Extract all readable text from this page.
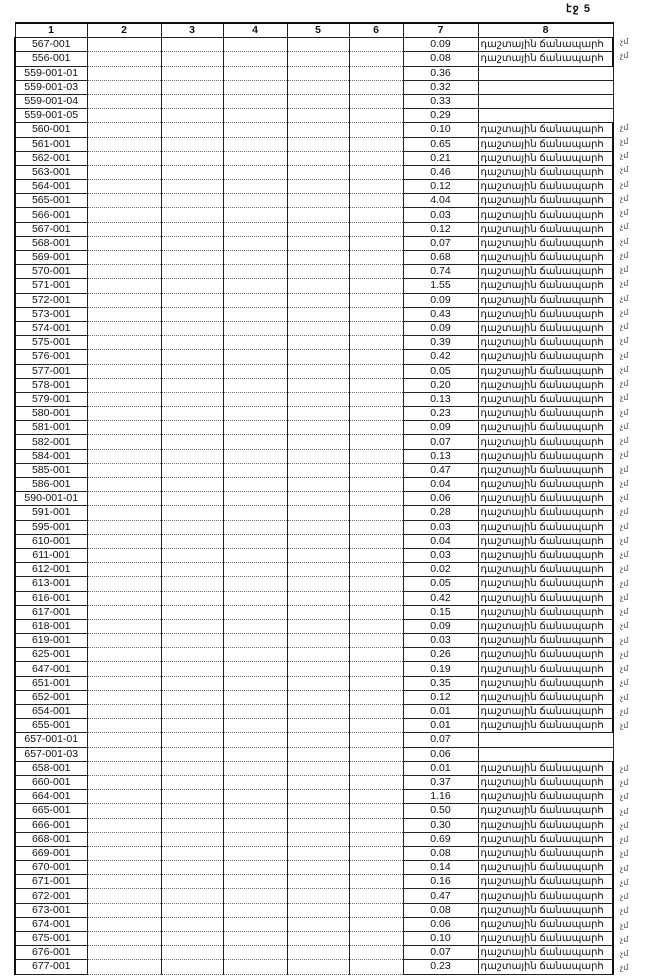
էջ 5
1	2	3	4	5	6	7	8
567-001						0.09	դաշտային ճանապարհ
556-001						0.08	դաշտային ճանապարհ
559-001-01						0.36	
559-001-03						0.32	
559-001-04						0.33	
559-001-05						0.29	
560-001						0.10	դաշտային ճանապարհ
561-001						0.65	դաշտային ճանապարհ
562-001						0.21	դաշտային ճանապարհ
563-001						0.46	դաշտային ճանապարհ
564-001						0.12	դաշտային ճանապարհ
565-001						4.04	դաշտային ճանապարհ
566-001						0.03	դաշտային ճանապարհ
567-001						0.12	դաշտային ճանապարհ
568-001						0.07	դաշտային ճանապարհ
569-001						0.68	դաշտային ճանապարհ
570-001						0.74	դաշտային ճանապարհ
571-001						1.55	դաշտային ճանապարհ
572-001						0.09	դաշտային ճանապարհ
573-001						0.43	դաշտային ճանապարհ
574-001						0.09	դաշտային ճանապարհ
575-001						0.39	դաշտային ճանապարհ
576-001						0.42	դաշտային ճանապարհ
577-001						0.05	դաշտային ճանապարհ
578-001						0.20	դաշտային ճանապարհ
579-001						0.13	դաշտային ճանապարհ
580-001						0.23	դաշտային ճանապարհ
581-001						0.09	դաշտային ճանապարհ
582-001						0.07	դաշտային ճանապարհ
584-001						0.13	դաշտային ճանապարհ
585-001						0.47	դաշտային ճանապարհ
586-001						0.04	դաշտային ճանապարհ
590-001-01						0.06	դաշտային ճանապարհ
591-001						0.28	դաշտային ճանապարհ
595-001						0.03	դաշտային ճանապարհ
610-001						0.04	դաշտային ճանապարհ
611-001						0.03	դաշտային ճանապարհ
612-001						0.02	դաշտային ճանապարհ
613-001						0.05	դաշտային ճանապարհ
616-001						0.42	դաշտային ճանապարհ
617-001						0.15	դաշտային ճանապարհ
618-001						0.09	դաշտային ճանապարհ
619-001						0.03	դաշտային ճանապարհ
625-001						0.26	դաշտային ճանապարհ
647-001						0.19	դաշտային ճանապարհ
651-001						0.35	դաշտային ճանապարհ
652-001						0.12	դաշտային ճանապարհ
654-001						0.01	դաշտային ճանապարհ
655-001						0.01	դաշտային ճանապարհ
657-001-01						0.07	
657-001-03						0.06	
658-001						0.01	դաշտային ճանապարհ
660-001						0.37	դաշտային ճանապարհ
664-001						1.16	դաշտային ճանապարհ
665-001						0.50	դաշտային ճանապարհ
666-001						0.30	դաշտային ճանապարհ
668-001						0.69	դաշտային ճանապարհ
669-001						0.08	դաշտային ճանապարհ
670-001						0.14	դաշտային ճանապարհ
671-001						0.16	դաշտային ճանապարհ
672-001						0.47	դաշտային ճանապարհ
673-001						0.08	դաշտային ճանապարհ
674-001						0.06	դաշտային ճանապարհ
675-001						0.10	դաշտային ճանապարհ
676-001						0.07	դաշտային ճանապարհ
677-001						0.23	դաշտային ճանապարհ
չմ
չմ
չմ
չմ
չմ
չմ
չմ
չմ
չմ
չմ
չմ
չմ
չմ
չմ
չմ
չմ
չմ
չմ
չմ
չմ
չմ
չմ
չմ
չմ
չմ
չմ
չմ
չմ
չմ
չմ
չմ
չմ
չմ
չմ
չմ
չմ
չմ
չմ
չմ
չմ
չմ
չմ
չմ
չմ
չմ
չմ
չմ
չմ
չմ
չմ
չմ
չմ
չմ
չմ
չմ
չմ
չմ
չմ
չմ
չմ
